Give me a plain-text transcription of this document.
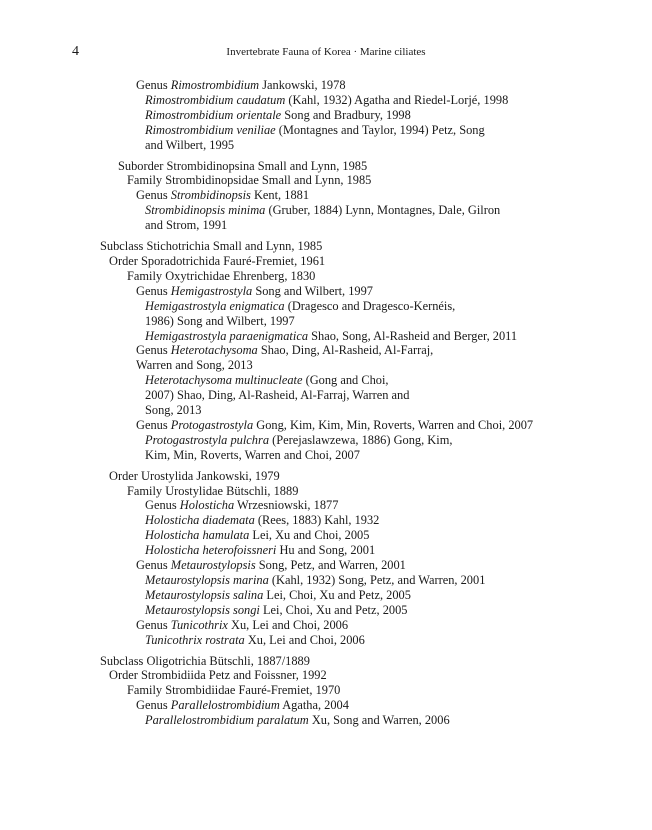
4	Invertebrate Fauna of Korea · Marine ciliates

Genus Rimostrombidium Jankowski, 1978

Rimostrombidium caudatum (Kahl, 1932) Agatha and Riedel-Lorjé, 1998

Rimostrombidium orientale Song and Bradbury, 1998

Rimostrombidium veniliae (Montagnes and Taylor, 1994) Petz, Song and Wilbert, 1995

Suborder Strombidinopsina Small and Lynn, 1985

Family Strombidinopsidae Small and Lynn, 1985

Genus Strombidinopsis Kent, 1881

Strombidinopsis minima (Gruber, 1884) Lynn, Montagnes, Dale, Gilron and Strom, 1991

Subclass Stichotrichia Small and Lynn, 1985

Order Sporadotrichida Fauré-Fremiet, 1961

Family Oxytrichidae Ehrenberg, 1830

Genus Hemigastrostyla Song and Wilbert, 1997

Hemigastrostyla enigmatica (Dragesco and Dragesco-Kernéis, 1986) Song and Wilbert, 1997

Hemigastrostyla paraenigmatica Shao, Song, Al-Rasheid and Berger, 2011

Genus Heterotachysoma Shao, Ding, Al-Rasheid, Al-Farraj, Warren and Song, 2013

Heterotachysoma multinucleate (Gong and Choi, 2007) Shao, Ding, Al-Rasheid, Al-Farraj, Warren and Song, 2013

Genus Protogastrostyla Gong, Kim, Kim, Min, Roverts, Warren and Choi, 2007

Protogastrostyla pulchra (Perejaslawzewa, 1886) Gong, Kim, Kim, Min, Roverts, Warren and Choi, 2007

Order Urostylida Jankowski, 1979

Family Urostylidae Bütschli, 1889

Genus Holosticha Wrzesniowski, 1877

Holosticha diademata (Rees, 1883) Kahl, 1932

Holosticha hamulata Lei, Xu and Choi, 2005

Holosticha heterofoissneri Hu and Song, 2001

Genus Metaurostylopsis Song, Petz, and Warren, 2001

Metaurostylopsis marina (Kahl, 1932) Song, Petz, and Warren, 2001

Metaurostylopsis salina Lei, Choi, Xu and Petz, 2005

Metaurostylopsis songi Lei, Choi, Xu and Petz, 2005

Genus Tunicothrix Xu, Lei and Choi, 2006

Tunicothrix rostrata Xu, Lei and Choi, 2006

Subclass Oligotrichia Bütschli, 1887/1889

Order Strombidiida Petz and Foissner, 1992

Family Strombidiidae Fauré-Fremiet, 1970

Genus Parallelostrombidium Agatha, 2004

Parallelostrombidium paralatum Xu, Song and Warren, 2006
